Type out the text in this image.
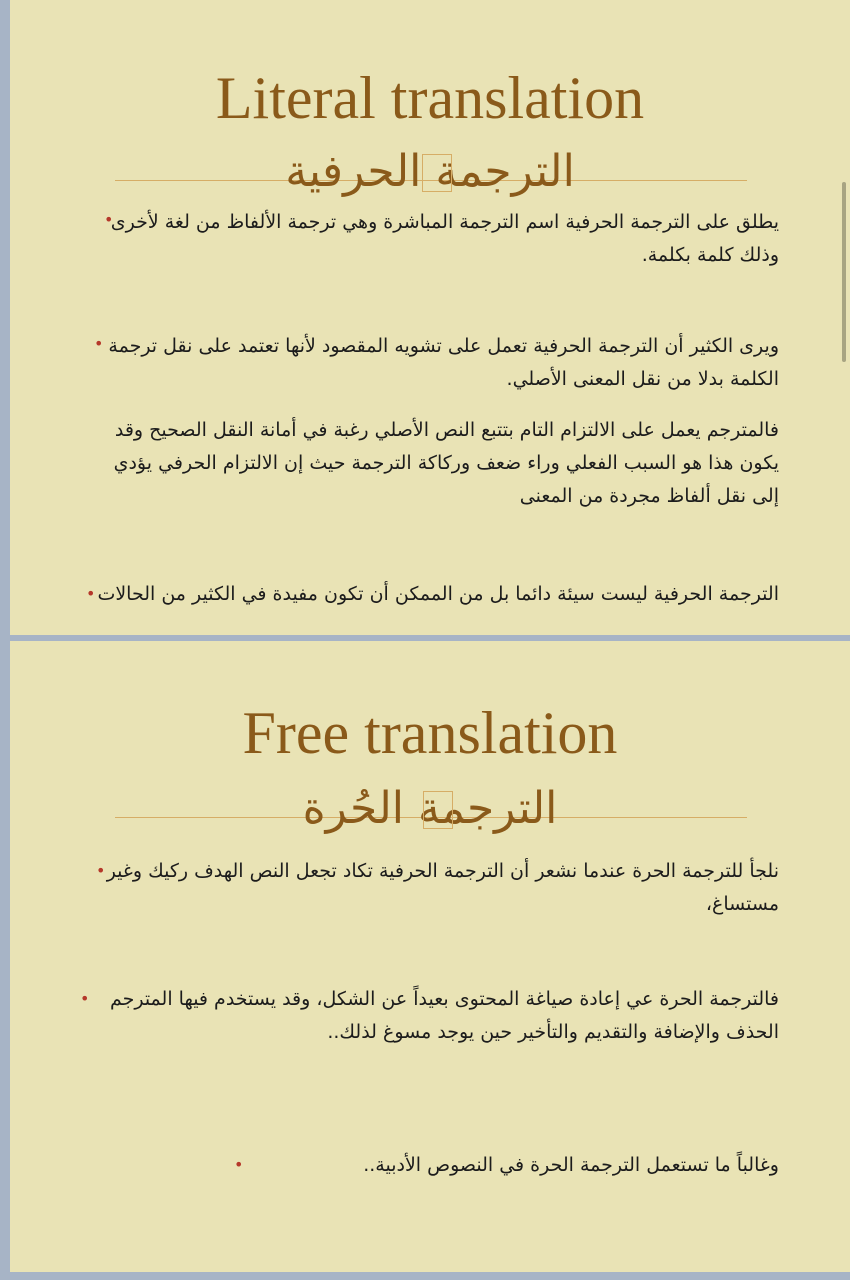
Literal translation
الترجمة الحرفية
•

يطلق على الترجمة الحرفية اسم الترجمة المباشرة وهي ترجمة الألفاظ من لغة لأخرى وذلك كلمة بكلمة.

• ويرى الكثير أن الترجمة الحرفية تعمل على تشويه المقصود لأنها تعتمد على نقل ترجمة الكلمة بدلا من نقل المعنى الأصلي.

فالمترجم يعمل على الالتزام التام بتتبع النص الأصلي رغبة في أمانة النقل الصحيح وقد يكون هذا هو السبب الفعلي وراء ضعف وركاكة الترجمة حيث إن الالتزام الحرفي يؤدي إلى نقل ألفاظ مجردة من المعنى

• الترجمة الحرفية ليست سيئة دائما بل من الممكن أن تكون مفيدة في الكثير من الحالات

Free translation
الترجمة الحُرة
• نلجأ للترجمة الحرة عندما نشعر أن الترجمة الحرفية تكاد تجعل النص الهدف ركيك وغير مستساغ،

•	فالترجمة الحرة عي إعادة صياغة المحتوى بعيداً عن الشكل، وقد يستخدم فيها المترجم الحذف والإضافة والتقديم والتأخير حين يوجد مسوغ لذلك..

•	وغالباً ما تستعمل الترجمة الحرة في النصوص الأدبية..
